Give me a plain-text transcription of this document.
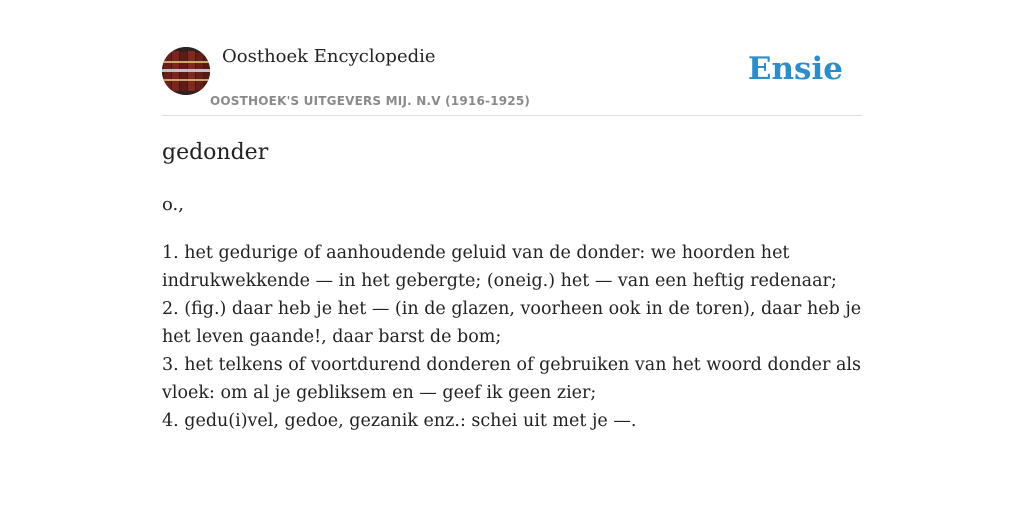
Oosthoek Encyclopedie
OOSTHOEK'S UITGEVERS MIJ. N.V (1916-1925)
Ensie
gedonder
o.,
1. het gedurige of aanhoudende geluid van de donder: we hoorden het indrukwekkende — in het gebergte; (oneig.) het — van een heftig redenaar;
2. (fig.) daar heb je het — (in de glazen, voorheen ook in de toren), daar heb je het leven gaande!, daar barst de bom;
3. het telkens of voortdurend donderen of gebruiken van het woord donder als vloek: om al je gebliksem en — geef ik geen zier;
4. gedu(i)vel, gedoe, gezanik enz.: schei uit met je —.
